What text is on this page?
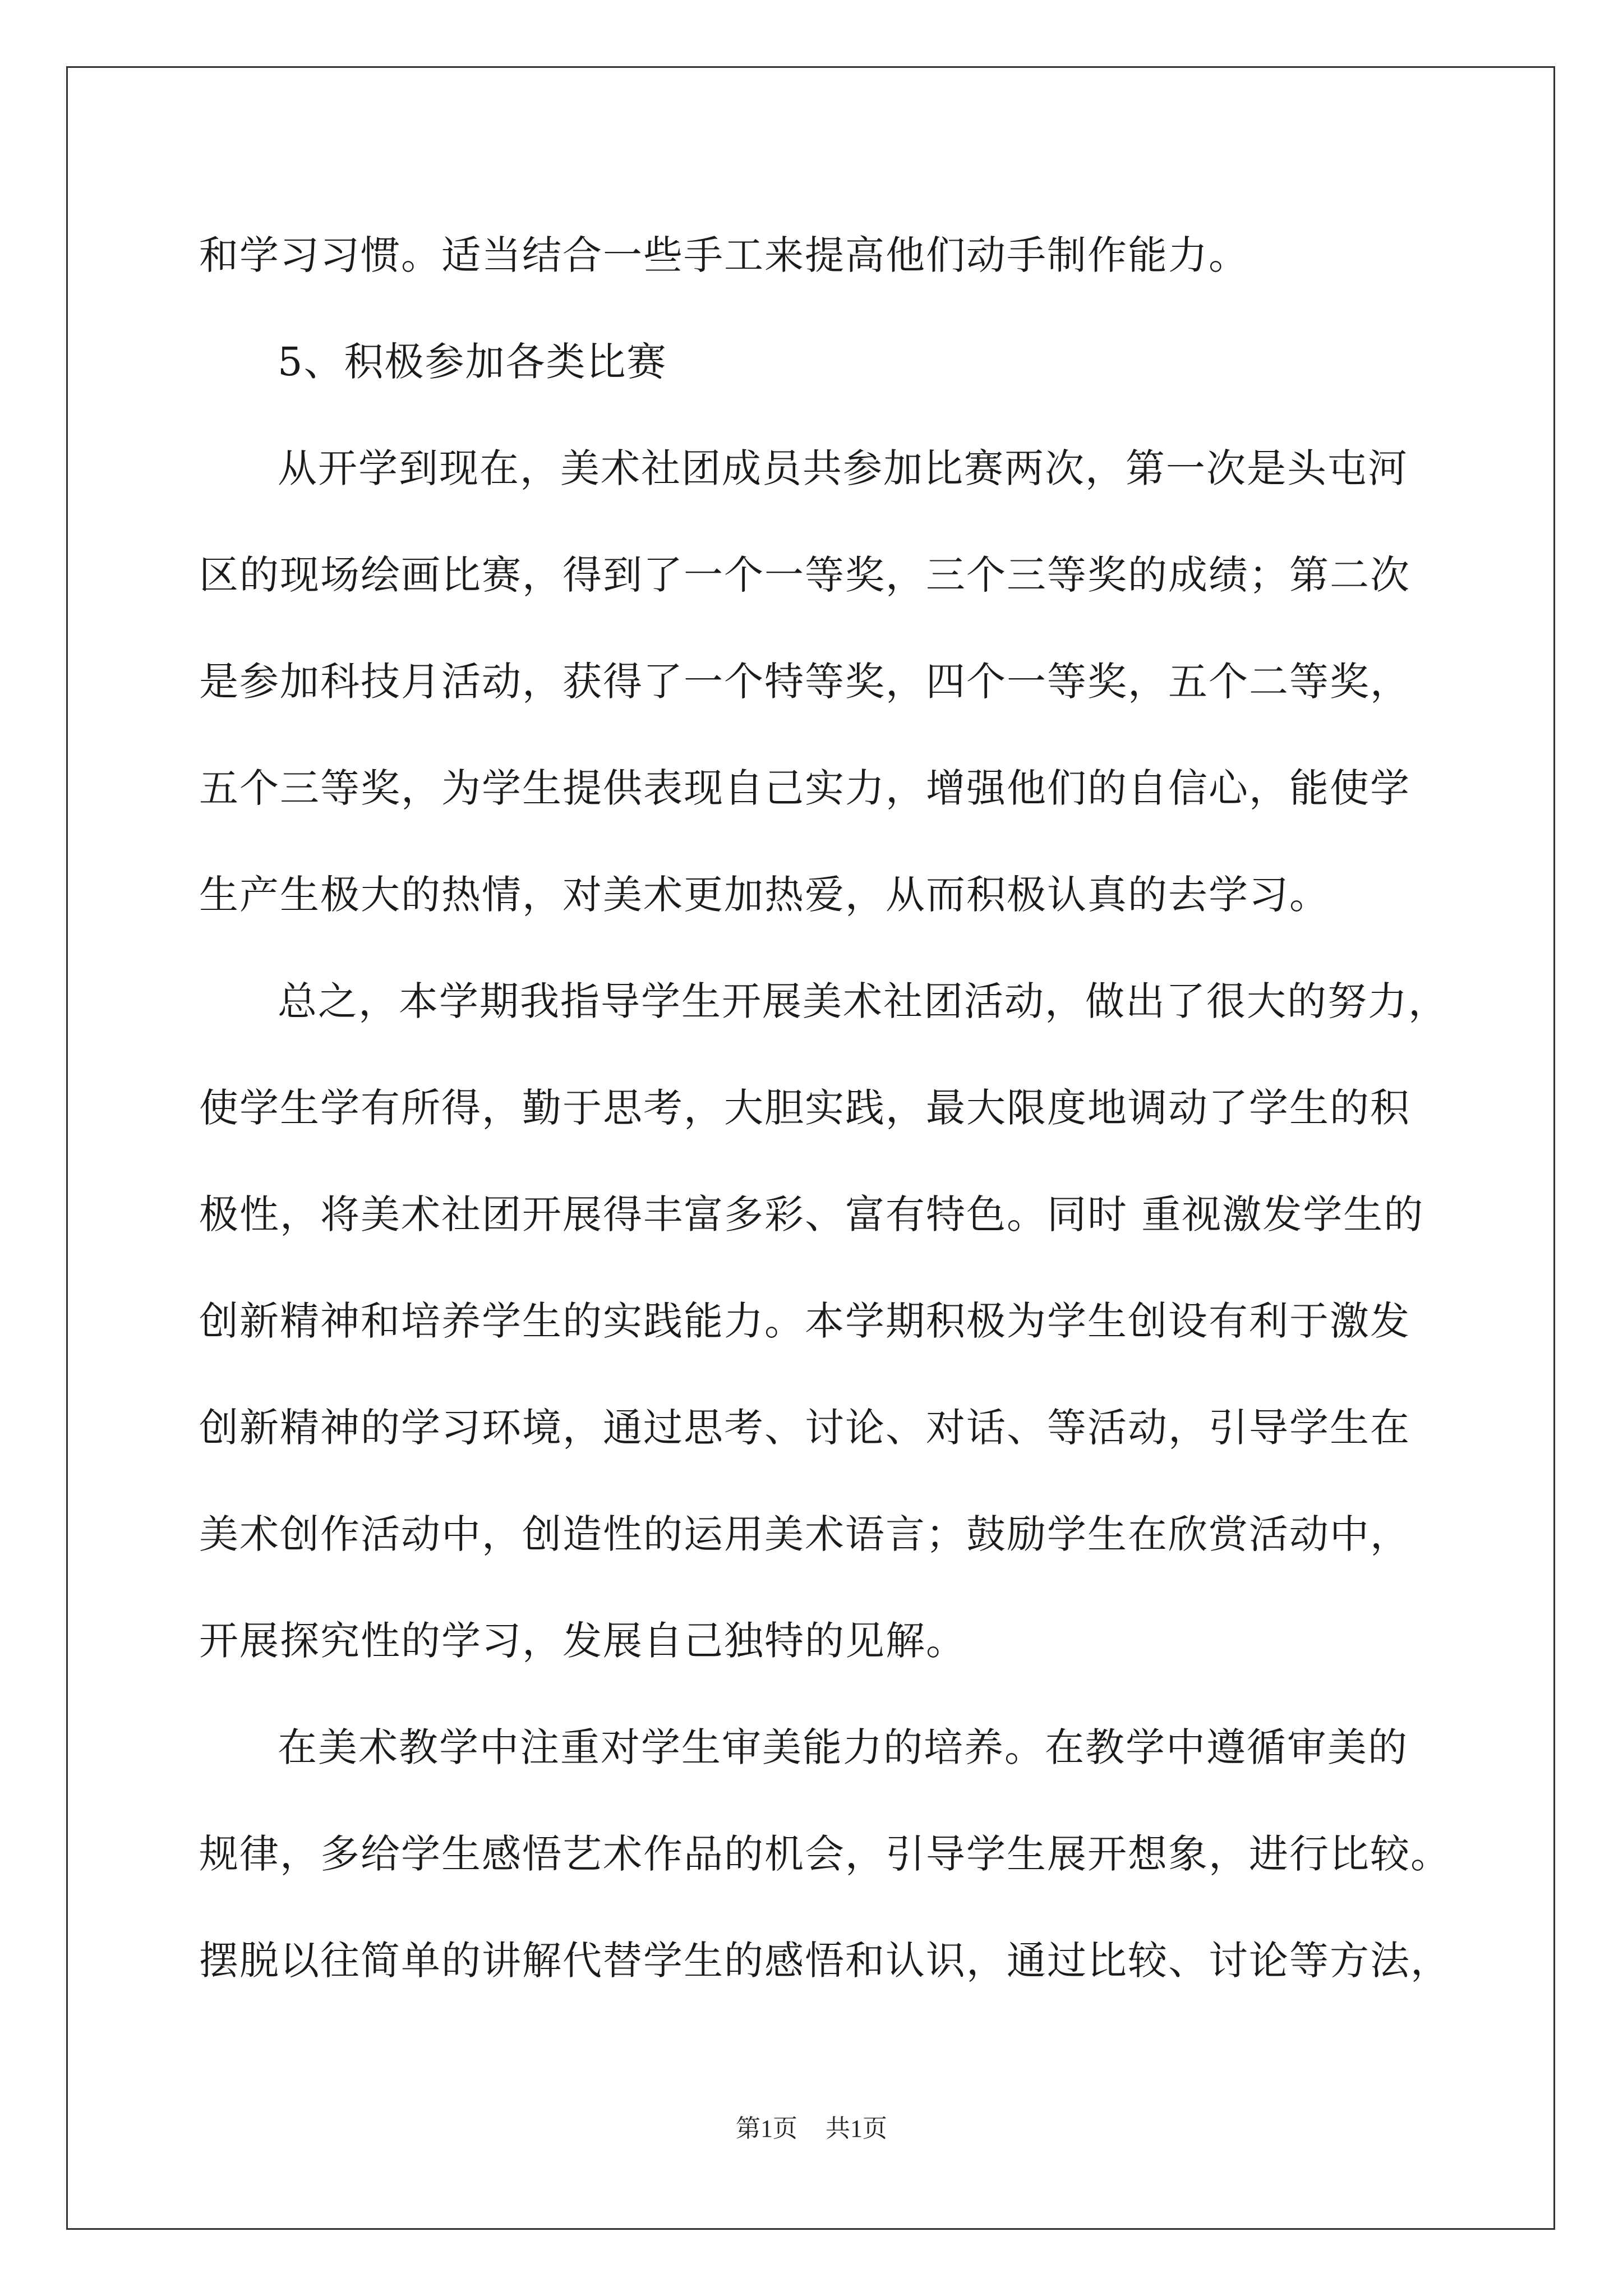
和学习习惯。适当结合一些手工来提高他们动手制作能力。
5、积极参加各类比赛
从开学到现在，美术社团成员共参加比赛两次，第一次是头屯河
区的现场绘画比赛，得到了一个一等奖，三个三等奖的成绩；第二次
是参加科技月活动，获得了一个特等奖，四个一等奖，五个二等奖，
五个三等奖，为学生提供表现自己实力，增强他们的自信心，能使学
生产生极大的热情，对美术更加热爱，从而积极认真的去学习。
总之，本学期我指导学生开展美术社团活动，做出了很大的努力，
使学生学有所得，勤于思考，大胆实践，最大限度地调动了学生的积
极性，将美术社团开展得丰富多彩、富有特色。同时 重视激发学生的
创新精神和培养学生的实践能力。本学期积极为学生创设有利于激发
创新精神的学习环境，通过思考、讨论、对话、等活动，引导学生在
美术创作活动中，创造性的运用美术语言；鼓励学生在欣赏活动中，
开展探究性的学习，发展自己独特的见解。
在美术教学中注重对学生审美能力的培养。在教学中遵循审美的
规律，多给学生感悟艺术作品的机会，引导学生展开想象，进行比较。
摆脱以往简单的讲解代替学生的感悟和认识，通过比较、讨论等方法，
第1页 共1页
